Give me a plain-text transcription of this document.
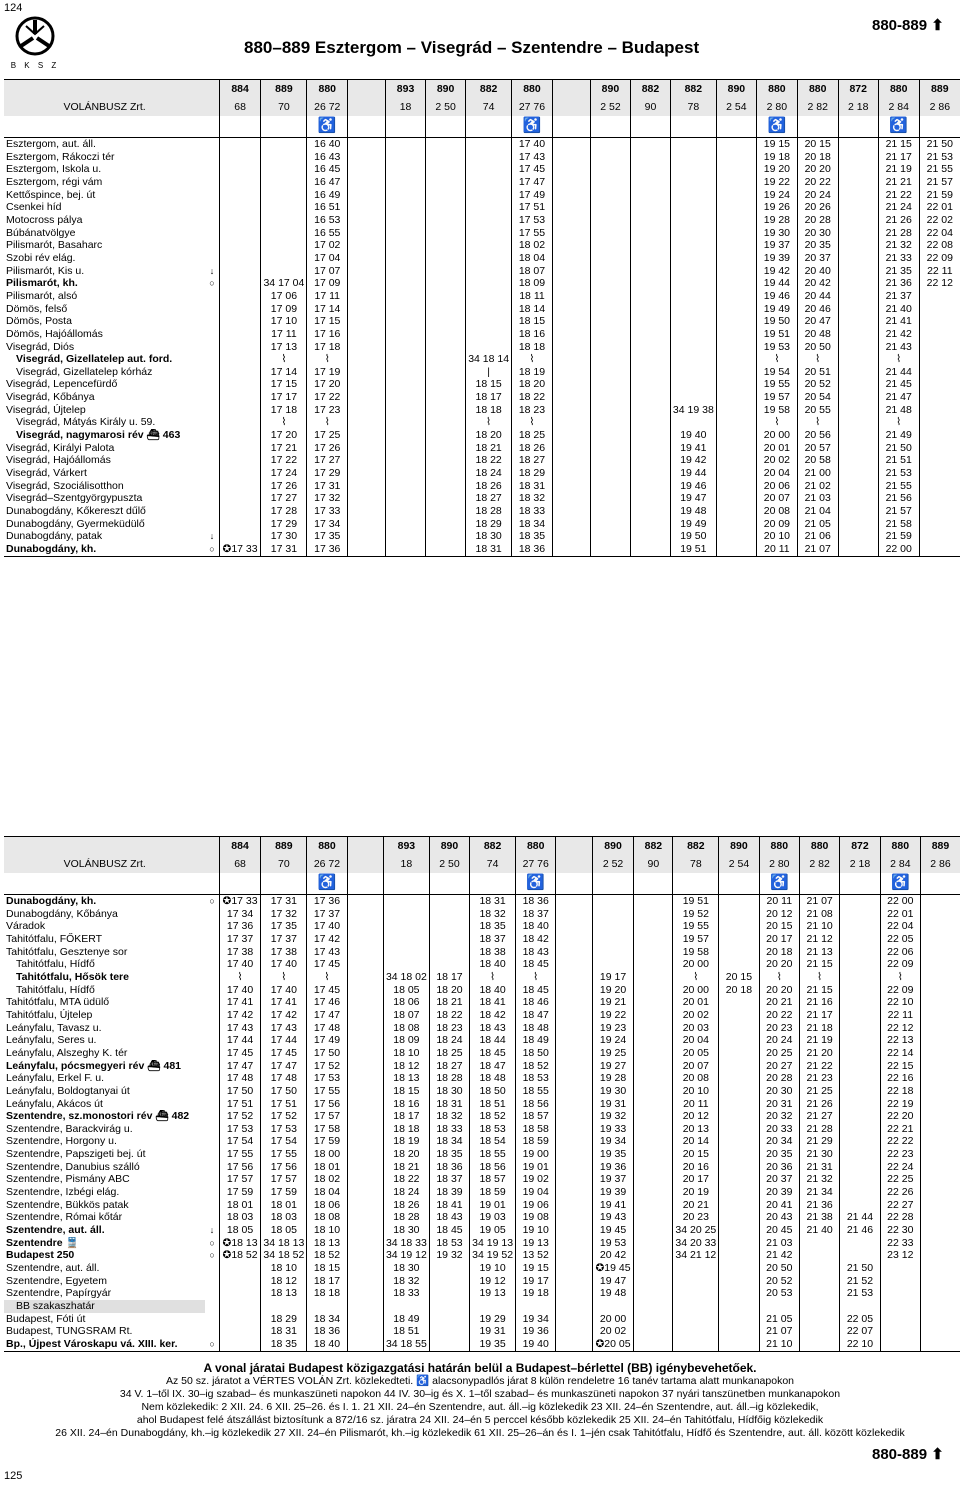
124
B K S Z
880–889 Esztergom – Visegrád – Szentendre – Budapest
880-889 ⬆
		884	889	880		893	890	882	880		890	882	882	890	880	880	872	880	889
VOLÁNBUSZ Zrt.		68	70	26 72		18	2 50	74	27 76		2 52	90	78	2 54	2 80	2 82	2 18	2 84	2 86
				♿					♿						♿			♿	
Esztergom, aut. áll.				16 40					17 40						19 15	20 15		21 15	21 50
Esztergom, Rákoczi tér				16 43					17 43						19 18	20 18		21 17	21 53
Esztergom, Iskola u.				16 45					17 45						19 20	20 20		21 19	21 55
Esztergom, régi vám				16 47					17 47						19 22	20 22		21 21	21 57
Kettőspince, bej. út				16 49					17 49						19 24	20 24		21 22	21 59
Csenkei híd				16 51					17 51						19 26	20 26		21 24	22 01
Motocross pálya				16 53					17 53						19 28	20 28		21 26	22 02
Búbánatvölgye				16 55					17 55						19 30	20 30		21 28	22 04
Pilismarót, Basaharc				17 02					18 02						19 37	20 35		21 32	22 08
Szobi rév elág.				17 04					18 04						19 39	20 37		21 33	22 09
Pilismarót, Kis u.	↓			17 07					18 07						19 42	20 40		21 35	22 11
Pilismarót, kh.	○		34 17 04	17 09					18 09						19 44	20 42		21 36	22 12
Pilismarót, alsó			17 06	17 11					18 11						19 46	20 44		21 37	
Dömös, felső			17 09	17 14					18 14						19 49	20 46		21 40	
Dömös, Posta			17 10	17 15					18 15						19 50	20 47		21 41	
Dömös, Hajóállomás			17 11	17 16					18 16						19 51	20 48		21 42	
Visegrád, Diós			17 13	17 18					18 18						19 53	20 50		21 43	
Visegrád, Gizellatelep aut. ford.			⌇	⌇				34 18 14	⌇						⌇	⌇		⌇	
Visegrád, Gizellatelep kórház			17 14	17 19				|	18 19						19 54	20 51		21 44	
Visegrád, Lepencefürdő			17 15	17 20				18 15	18 20						19 55	20 52		21 45	
Visegrád, Kőbánya			17 17	17 22				18 17	18 22						19 57	20 54		21 47	
Visegrád, Újtelep			17 18	17 23				18 18	18 23				34 19 38		19 58	20 55		21 48	
Visegrád, Mátyás Király u. 59.			⌇	⌇				⌇	⌇						⌇	⌇		⌇	
Visegrád, nagymarosi rév ⛴ 463			17 20	17 25				18 20	18 25				19 40		20 00	20 56		21 49	
Visegrád, Királyi Palota			17 21	17 26				18 21	18 26				19 41		20 01	20 57		21 50	
Visegrád, Hajóállomás			17 22	17 27				18 22	18 27				19 42		20 02	20 58		21 51	
Visegrád, Várkert			17 24	17 29				18 24	18 29				19 44		20 04	21 00		21 53	
Visegrád, Szociálisotthon			17 26	17 31				18 26	18 31				19 46		20 06	21 02		21 55	
Visegrád–Szentgyörgypuszta			17 27	17 32				18 27	18 32				19 47		20 07	21 03		21 56	
Dunabogdány, Kőkereszt dűlő			17 28	17 33				18 28	18 33				19 48		20 08	21 04		21 57	
Dunabogdány, Gyermeküdülő			17 29	17 34				18 29	18 34				19 49		20 09	21 05		21 58	
Dunabogdány, patak	↓		17 30	17 35				18 30	18 35				19 50		20 10	21 06		21 59	
Dunabogdány, kh.	○	✪17 33	17 31	17 36				18 31	18 36				19 51		20 11	21 07		22 00	
		884	889	880		893	890	882	880		890	882	882	890	880	880	872	880	889
VOLÁNBUSZ Zrt.		68	70	26 72		18	2 50	74	27 76		2 52	90	78	2 54	2 80	2 82	2 18	2 84	2 86
				♿					♿						♿			♿	
Dunabogdány, kh.	○	✪17 33	17 31	17 36				18 31	18 36				19 51		20 11	21 07		22 00	
Dunabogdány, Kőbánya		17 34	17 32	17 37				18 32	18 37				19 52		20 12	21 08		22 01	
Váradok		17 36	17 35	17 40				18 35	18 40				19 55		20 15	21 10		22 04	
Tahitótfalu, FŐKERT		17 37	17 37	17 42				18 37	18 42				19 57		20 17	21 12		22 05	
Tahitótfalu, Gesztenye sor		17 38	17 38	17 43				18 38	18 43				19 58		20 18	21 13		22 06	
Tahitótfalu, Hídfő		17 40	17 40	17 45				18 40	18 45				20 00		20 20	21 15		22 09	
Tahitótfalu, Hősök tere		⌇	⌇	⌇		34 18 02	18 17	⌇	⌇		19 17		⌇	20 15	⌇	⌇		⌇	
Tahitótfalu, Hídfő		17 40	17 40	17 45		18 05	18 20	18 40	18 45		19 20		20 00	20 18	20 20	21 15		22 09	
Tahitótfalu, MTA üdülő		17 41	17 41	17 46		18 06	18 21	18 41	18 46		19 21		20 01		20 21	21 16		22 10	
Tahitótfalu, Újtelep		17 42	17 42	17 47		18 07	18 22	18 42	18 47		19 22		20 02		20 22	21 17		22 11	
Leányfalu, Tavasz u.		17 43	17 43	17 48		18 08	18 23	18 43	18 48		19 23		20 03		20 23	21 18		22 12	
Leányfalu, Seres u.		17 44	17 44	17 49		18 09	18 24	18 44	18 49		19 24		20 04		20 24	21 19		22 13	
Leányfalu, Alszeghy K. tér		17 45	17 45	17 50		18 10	18 25	18 45	18 50		19 25		20 05		20 25	21 20		22 14	
Leányfalu, pócsmegyeri rév ⛴ 481		17 47	17 47	17 52		18 12	18 27	18 47	18 52		19 27		20 07		20 27	21 22		22 15	
Leányfalu, Erkel F. u.		17 48	17 48	17 53		18 13	18 28	18 48	18 53		19 28		20 08		20 28	21 23		22 16	
Leányfalu, Boldogtanyai út		17 50	17 50	17 55		18 15	18 30	18 50	18 55		19 30		20 10		20 30	21 25		22 18	
Leányfalu, Akácos út		17 51	17 51	17 56		18 16	18 31	18 51	18 56		19 31		20 11		20 31	21 26		22 19	
Szentendre, sz.monostori rév ⛴ 482		17 52	17 52	17 57		18 17	18 32	18 52	18 57		19 32		20 12		20 32	21 27		22 20	
Szentendre, Barackvirág u.		17 53	17 53	17 58		18 18	18 33	18 53	18 58		19 33		20 13		20 33	21 28		22 21	
Szentendre, Horgony u.		17 54	17 54	17 59		18 19	18 34	18 54	18 59		19 34		20 14		20 34	21 29		22 22	
Szentendre, Papszigeti bej. út		17 55	17 55	18 00		18 20	18 35	18 55	19 00		19 35		20 15		20 35	21 30		22 23	
Szentendre, Danubius szálló		17 56	17 56	18 01		18 21	18 36	18 56	19 01		19 36		20 16		20 36	21 31		22 24	
Szentendre, Pismány ABC		17 57	17 57	18 02		18 22	18 37	18 57	19 02		19 37		20 17		20 37	21 32		22 25	
Szentendre, Izbégi elág.		17 59	17 59	18 04		18 24	18 39	18 59	19 04		19 39		20 19		20 39	21 34		22 26	
Szentendre, Bükkös patak		18 01	18 01	18 06		18 26	18 41	19 01	19 06		19 41		20 21		20 41	21 36		22 27	
Szentendre, Római kőtár		18 03	18 03	18 08		18 28	18 43	19 03	19 08		19 43		20 23		20 43	21 38	21 44	22 28	
Szentendre, aut. áll.	↓	18 05	18 05	18 10		18 30	18 45	19 05	19 10		19 45		34 20 25		20 45	21 40	21 46	22 30	
Szentendre 🚆	○	✪18 13	34 18 13	18 13		34 18 33	18 53	34 19 13	19 13		19 53		34 20 33		21 03			22 33	
Budapest 250	○	✪18 52	34 18 52	18 52		34 19 12	19 32	34 19 52	13 52		20 42		34 21 12		21 42			23 12	
Szentendre, aut. áll.			18 10	18 15		18 30		19 10	19 15		✪19 45				20 50		21 50		
Szentendre, Egyetem			18 12	18 17		18 32		19 12	19 17		19 47				20 52		21 52		
Szentendre, Papírgyár			18 13	18 18		18 33		19 13	19 18		19 48				20 53		21 53		
BB szakaszhatár																			
Budapest, Fóti út			18 29	18 34		18 49		19 29	19 34		20 00				21 05		22 05		
Budapest, TUNGSRAM Rt.			18 31	18 36		18 51		19 31	19 36		20 02				21 07		22 07		
Bp., Újpest Városkapu vá. XIII. ker.	○		18 35	18 40		34 18 55		19 35	19 40		✪20 05				21 10		22 10		
A vonal járatai Budapest közigazgatási határán belül a Budapest–bérlettel (BB) igénybevehetőek.
Az 50 sz. járatot a VÉRTES VOLÁN Zrt. közlekedteti. ♿ alacsonypadlós járat 8 külön rendeletre 16 tanév tartama alatt munkanapokon
34 V. 1–től IX. 30–ig szabad– és munkaszüneti napokon 44 IV. 30–ig és X. 1–től szabad– és munkaszüneti napokon 37 nyári tanszünetben munkanapokon
Nem közlekedik: 2 XII. 24. 6 XII. 25–26. és I. 1. 21 XII. 24–én Szentendre, aut. áll.–ig közlekedik 23 XII. 24–én Szentendre, aut. áll.–ig közlekedik,
ahol Budapest felé átszállást biztosítunk a 872/16 sz. járatra 24 XII. 24–én 5 perccel később közlekedik 25 XII. 24–én Tahitótfalu, Hídfőig közlekedik
26 XII. 24–én Dunabogdány, kh.–ig közlekedik 27 XII. 24–én Pilismarót, kh.–ig közlekedik 61 XII. 25–26–án és I. 1–jén csak Tahitótfalu, Hídfő és Szentendre, aut. áll. között közlekedik
880-889 ⬆
125
